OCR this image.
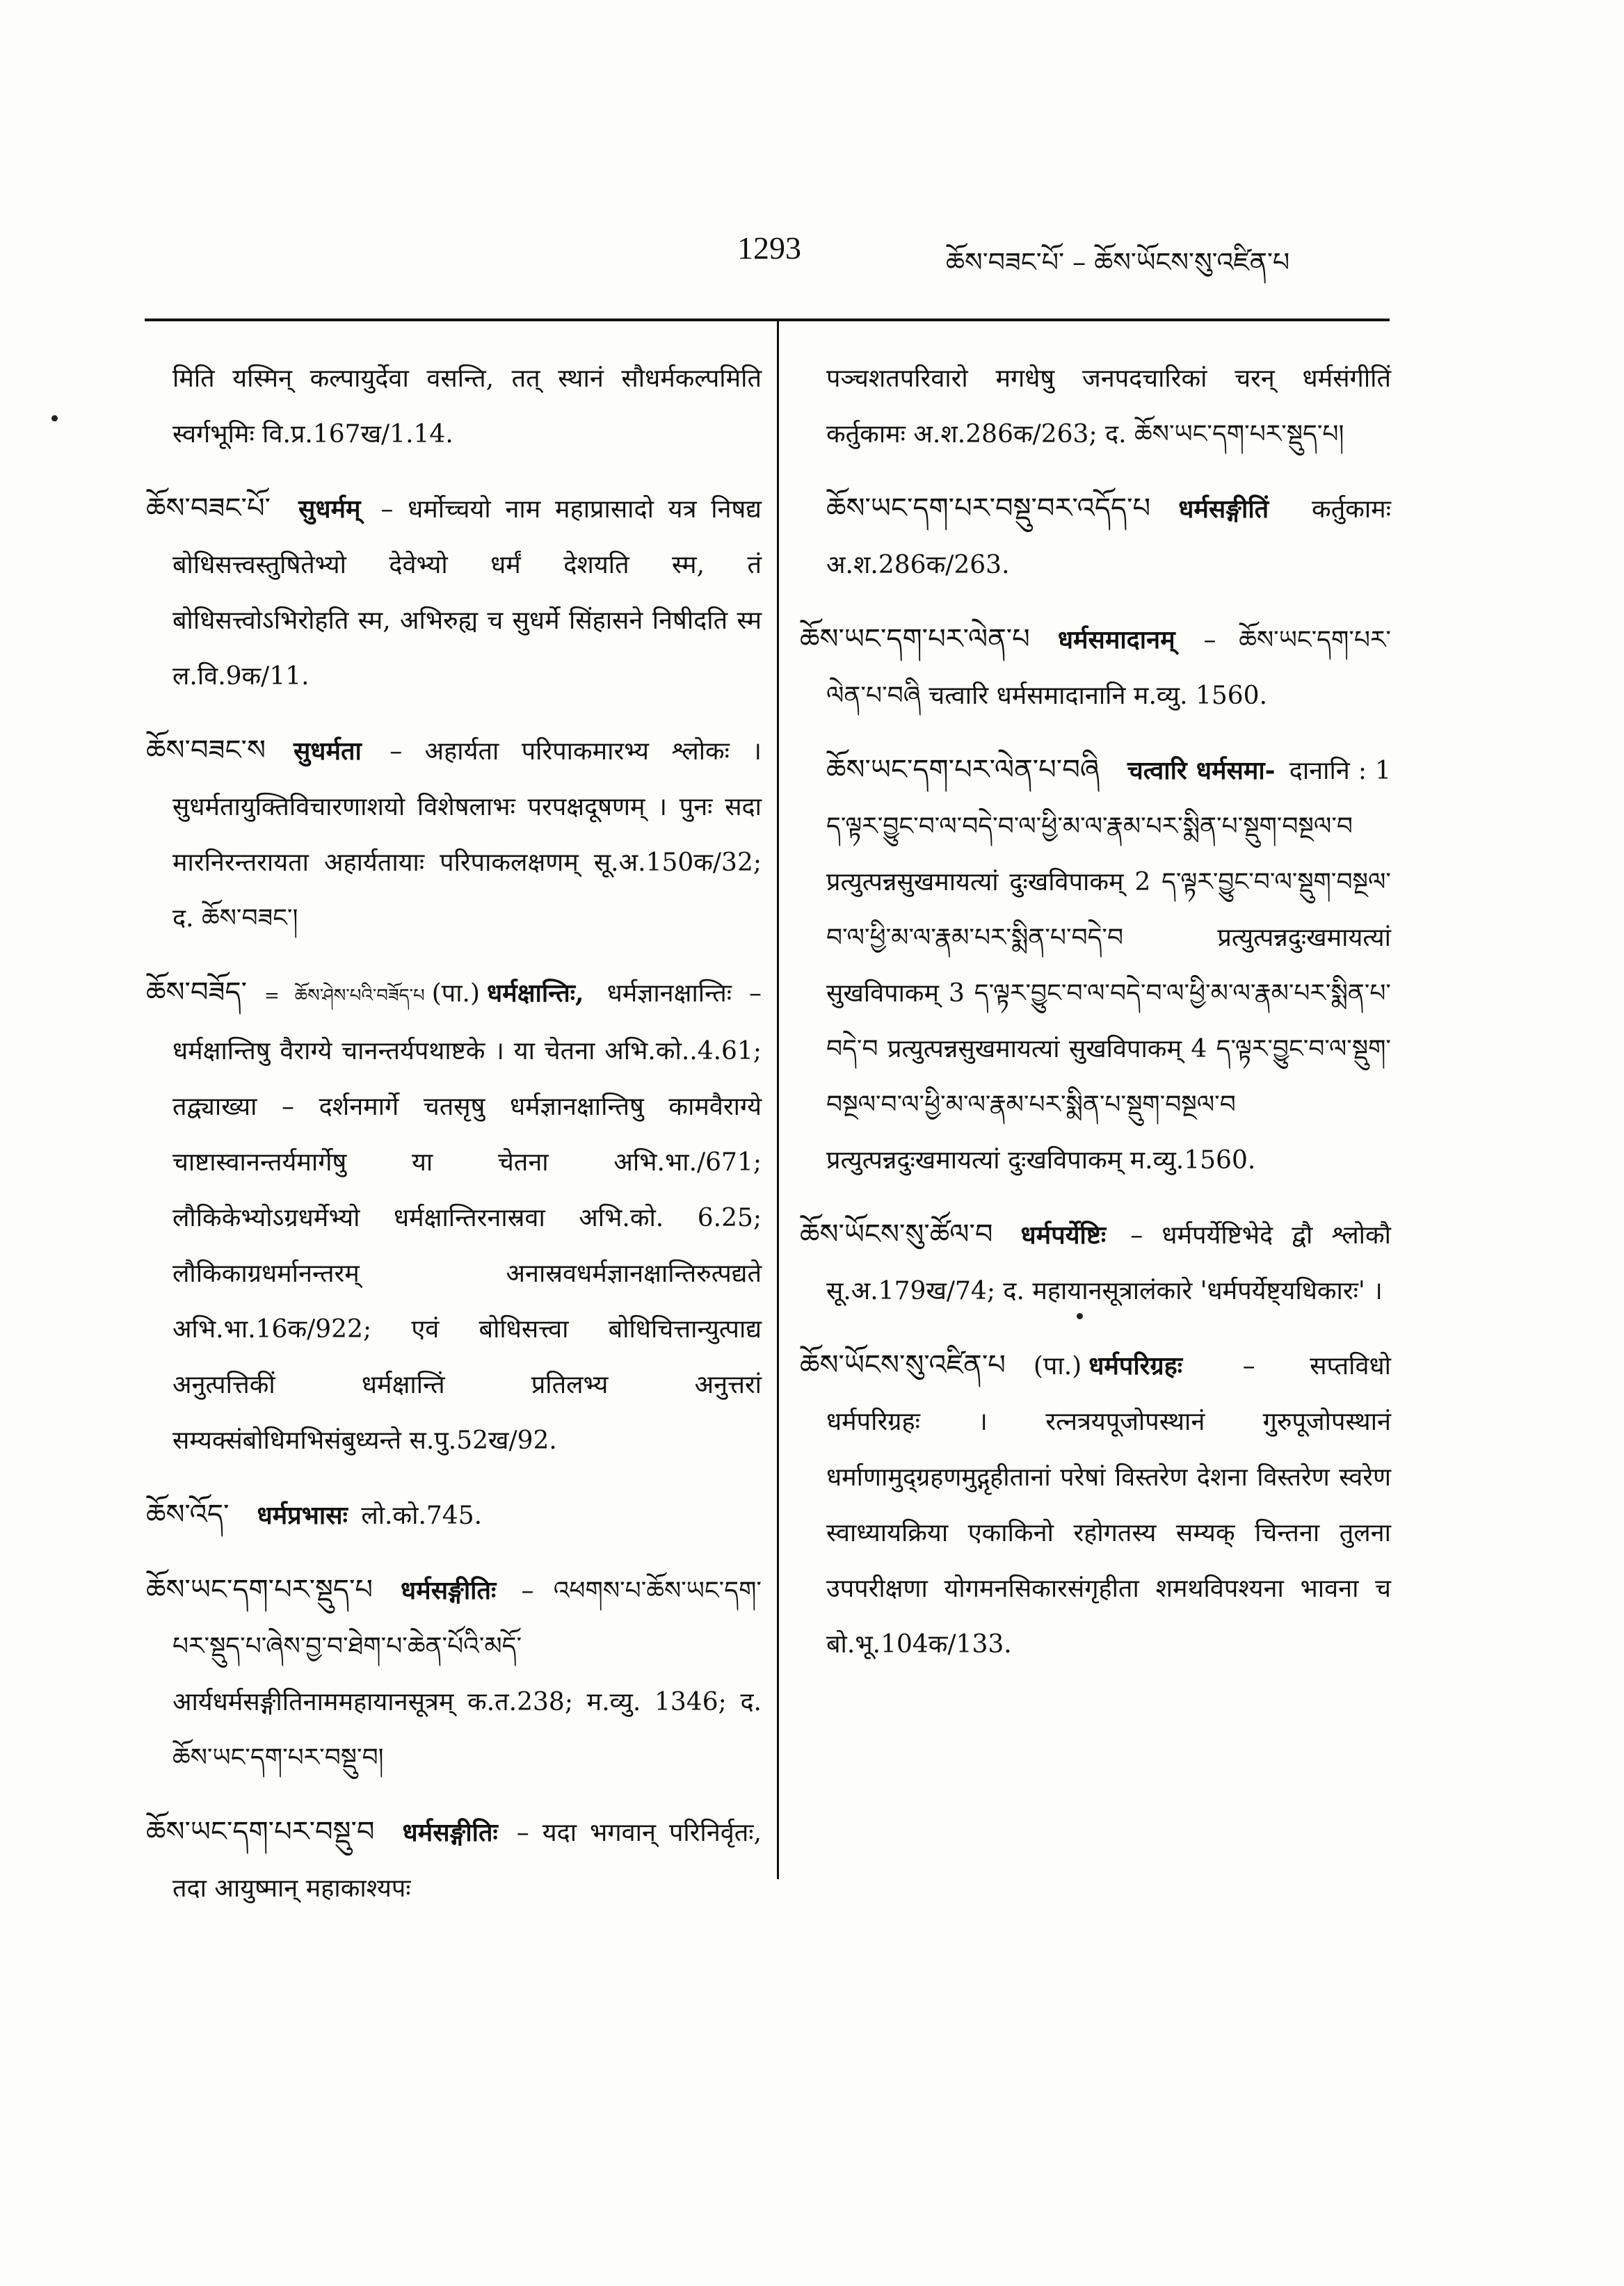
1293	ཆོས་བཟང་པོ་ – ཆོས་ཡོངས་སུ་འཛིན་པ

मिति यस्मिन् कल्पायुर्देवा वसन्ति, तत् स्थानं सौधर्मकल्पमिति स्वर्गभूमिः वि.प्र.167ख/1.14.

ཆོས་བཟང་པོ་ सुधर्मम् – धर्मोच्चयो नाम महाप्रासादो यत्र निषद्य बोधिसत्त्वस्तुषितेभ्यो देवेभ्यो धर्मं देशयति स्म, तं बोधिसत्त्वोऽभिरोहति स्म, अभिरुह्य च सुधर्मे सिंहासने निषीदति स्म ल.वि.9क/11.

ཆོས་བཟང་ས सुधर्मता – अहार्यता परिपाकमारभ्य श्लोकः । सुधर्मतायुक्तिविचारणाशयो विशेषलाभः परपक्षदूषणम् । पुनः सदा मारनिरन्तरायता अहार्यतायाः परिपाकलक्षणम् सू.अ.150क/32; द. ཆོས་བཟང་།

ཆོས་བཟོད་ = ཆོས་ཤེས་པའི་བཟོད་པ (पा.) धर्मक्षान्तिः, धर्मज्ञानक्षान्तिः – धर्मक्षान्तिषु वैराग्ये चानन्तर्यपथाष्टके । या चेतना अभि.को..4.61; तद्व्याख्या – दर्शनमार्गे चतसृषु धर्मज्ञानक्षान्तिषु कामवैराग्ये चाष्टास्वानन्तर्यमार्गेषु या चेतना अभि.भा./671; लौकिकेभ्योऽग्रधर्मेभ्यो धर्मक्षान्तिरनास्रवा अभि.को. 6.25; लौकिकाग्रधर्मानन्तरम् अनास्रवधर्मज्ञानक्षान्तिरुत्पद्यते अभि.भा.16क/922; एवं बोधिसत्त्वा बोधिचित्तान्युत्पाद्य अनुत्पत्तिकीं धर्मक्षान्तिं प्रतिलभ्य अनुत्तरां सम्यक्संबोधिमभिसंबुध्यन्ते स.पु.52ख/92.

ཆོས་འོད་ धर्मप्रभासः लो.को.745.

ཆོས་ཡང་དག་པར་སྡུད་པ धर्मसङ्गीतिः – འཕགས་པ་ཆོས་ཡང་དག་པར་སྡུད་པ་ཞེས་བྱ་བ་ཐེག་པ་ཆེན་པོའི་མདོ་ आर्यधर्मसङ्गीतिनाममहायानसूत्रम् क.त.238; म.व्यु. 1346; द. ཆོས་ཡང་དག་པར་བསྡུ་བ།

ཆོས་ཡང་དག་པར་བསྡུ་བ धर्मसङ्गीतिः – यदा भगवान् परिनिर्वृतः, तदा आयुष्मान् महाकाश्यपः

पञ्चशतपरिवारो मगधेषु जनपदचारिकां चरन् धर्मसंगीतिं कर्तुकामः अ.श.286क/263; द. ཆོས་ཡང་དག་པར་སྡུད་པ།

ཆོས་ཡང་དག་པར་བསྡུ་བར་འདོད་པ धर्मसङ्गीतिं कर्तुकामः अ.श.286क/263.

ཆོས་ཡང་དག་པར་ལེན་པ धर्मसमादानम् – ཆོས་ཡང་དག་པར་ལེན་པ་བཞི चत्वारि धर्मसमादानानि म.व्यु. 1560.

ཆོས་ཡང་དག་པར་ལེན་པ་བཞི चत्वारि धर्मसमा- दानानि : 1 ད་ལྟར་བྱུང་བ་ལ་བདེ་བ་ལ་ཕྱི་མ་ལ་རྣམ་པར་སྨིན་པ་སྡུག་བསྔལ་བ प्रत्युत्पन्नसुखमायत्यां दुःखविपाकम् 2 ད་ལྟར་བྱུང་བ་ལ་སྡུག་བསྔལ་བ་ལ་ཕྱི་མ་ལ་རྣམ་པར་སྨིན་པ་བདེ་བ प्रत्युत्पन्नदुःखमायत्यां सुखविपाकम् 3 ད་ལྟར་བྱུང་བ་ལ་བདེ་བ་ལ་ཕྱི་མ་ལ་རྣམ་པར་སྨིན་པ་བདེ་བ प्रत्युत्पन्नसुखमायत्यां सुखविपाकम् 4 ད་ལྟར་བྱུང་བ་ལ་སྡུག་བསྔལ་བ་ལ་ཕྱི་མ་ལ་རྣམ་པར་སྨིན་པ་སྡུག་བསྔལ་བ प्रत्युत्पन्नदुःखमायत्यां दुःखविपाकम् म.व्यु.1560.

ཆོས་ཡོངས་སུ་ཚོལ་བ धर्मपर्येष्टिः – धर्मपर्येष्टिभेदे द्वौ श्लोकौ सू.अ.179ख/74; द. महायानसूत्रालंकारे 'धर्मपर्येष्ट्यधिकारः' ।

ཆོས་ཡོངས་སུ་འཛིན་པ (पा.) धर्मपरिग्रहः – सप्तविधो धर्मपरिग्रहः । रत्नत्रयपूजोपस्थानं गुरुपूजोपस्थानं धर्माणामुद्ग्रहणमुद्गृहीतानां परेषां विस्तरेण देशना विस्तरेण स्वरेण स्वाध्यायक्रिया एकाकिनो रहोगतस्य सम्यक् चिन्तना तुलना उपपरीक्षणा योगमनसिकारसंगृहीता शमथविपश्यना भावना च बो.भू.104क/133.
